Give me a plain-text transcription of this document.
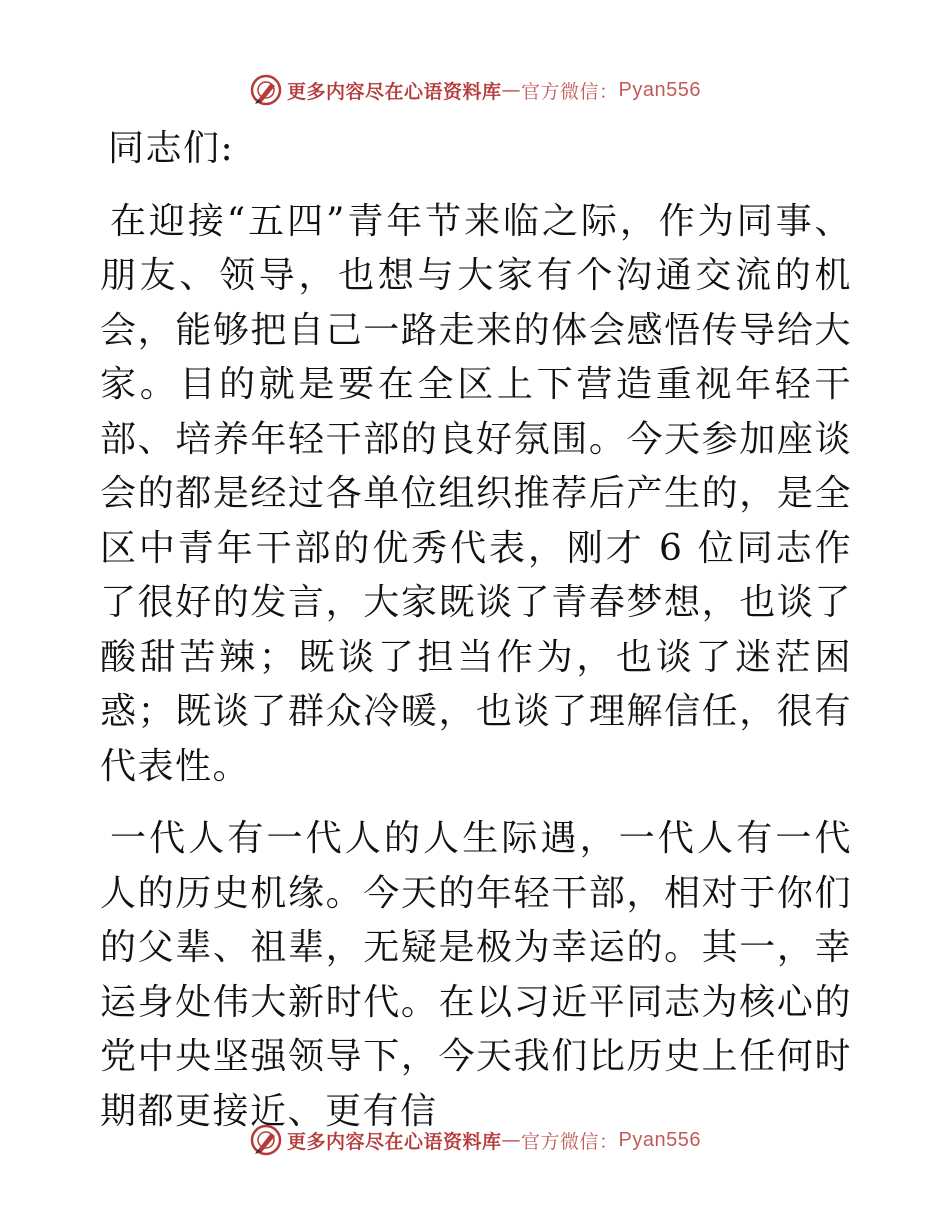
更多内容尽在心语资料库 — 官方微信： Pyan556

同志们:

在迎接“五四”青年节来临之际，作为同事、朋友、领导，也想与大家有个沟通交流的机会，能够把自己一路走来的体会感悟传导给大家。目的就是要在全区上下营造重视年轻干部、培养年轻干部的良好氛围。今天参加座谈会的都是经过各单位组织推荐后产生的，是全区中青年干部的优秀代表，刚才 6 位同志作了很好的发言，大家既谈了青春梦想，也谈了酸甜苦辣；既谈了担当作为，也谈了迷茫困惑；既谈了群众冷暖，也谈了理解信任，很有代表性。

一代人有一代人的人生际遇，一代人有一代人的历史机缘。今天的年轻干部，相对于你们的父辈、祖辈，无疑是极为幸运的。其一，幸运身处伟大新时代。在以习近平同志为核心的党中央坚强领导下，今天我们比历史上任何时期都更接近、更有信

更多内容尽在心语资料库 — 官方微信： Pyan556
